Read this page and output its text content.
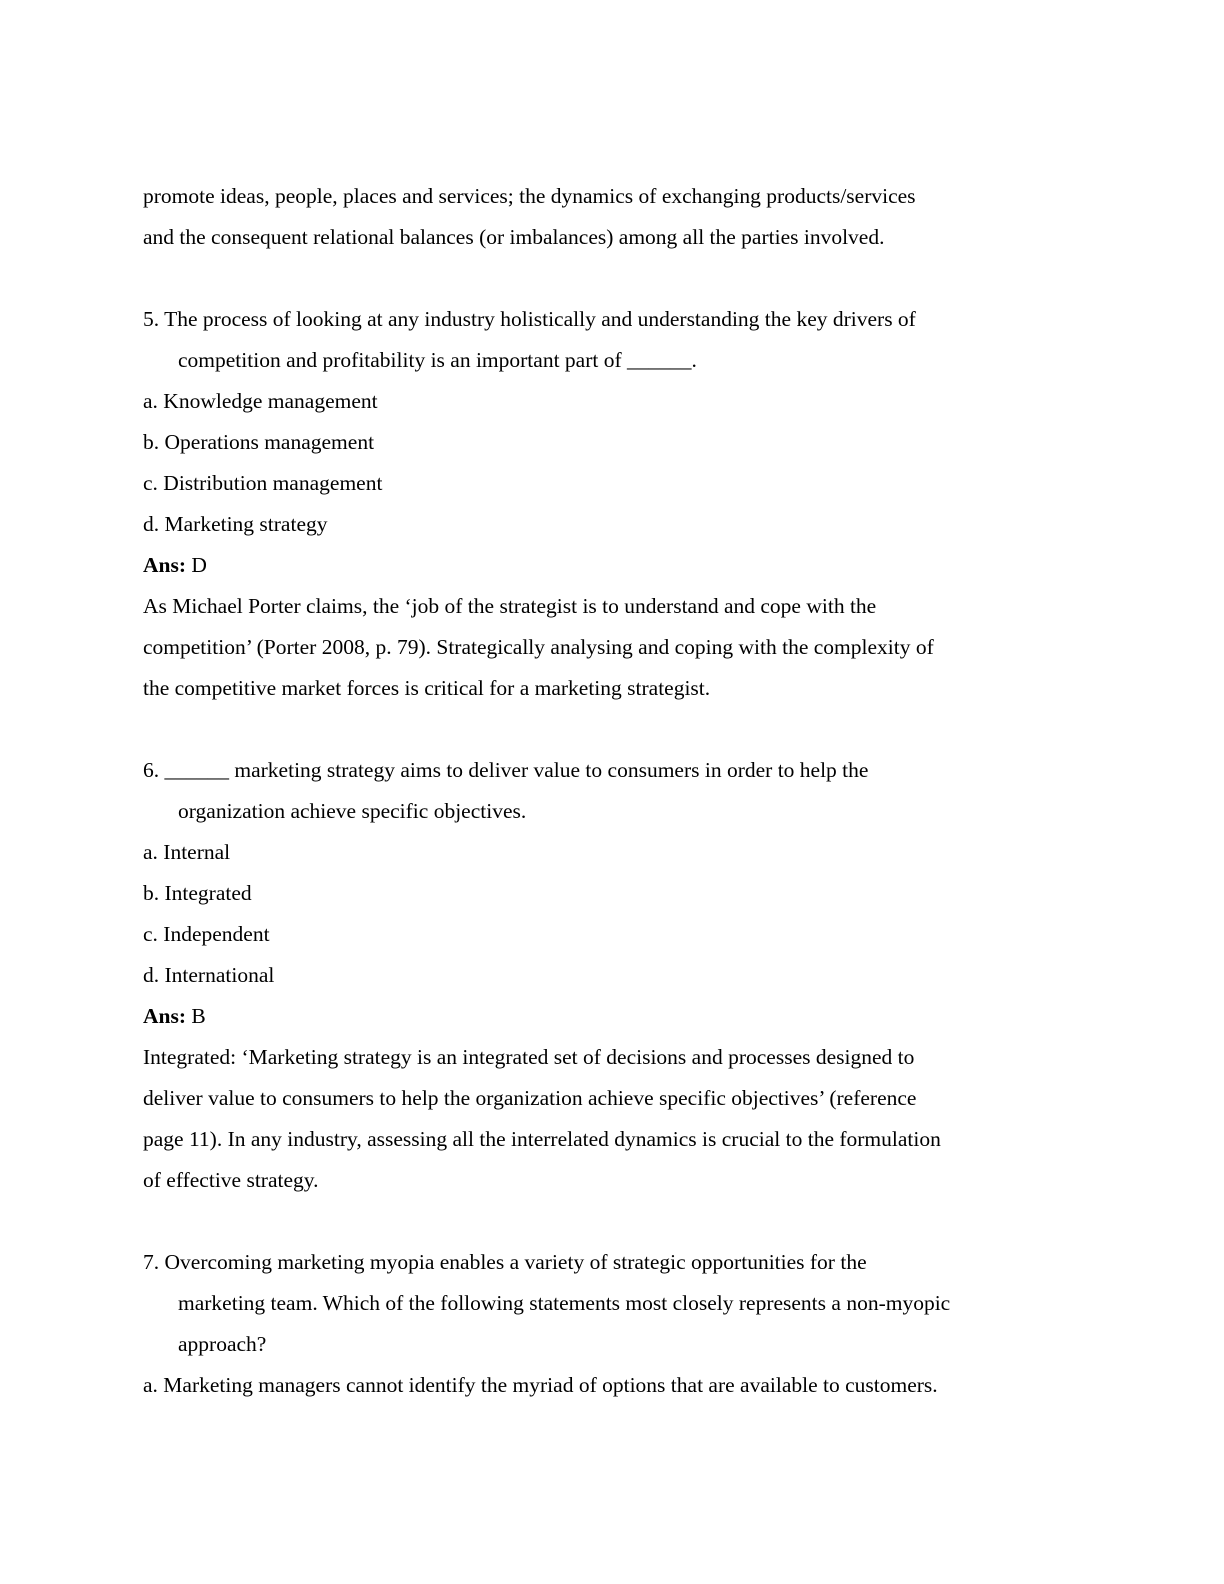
promote ideas, people, places and services; the dynamics of exchanging products/services

and the consequent relational balances (or imbalances) among all the parties involved.

5. The process of looking at any industry holistically and understanding the key drivers of

competition and profitability is an important part of ______.

a. Knowledge management

b. Operations management

c. Distribution management

d. Marketing strategy

Ans: D

As Michael Porter claims, the ‘job of the strategist is to understand and cope with the

competition’ (Porter 2008, p. 79). Strategically analysing and coping with the complexity of

the competitive market forces is critical for a marketing strategist.

6. ______ marketing strategy aims to deliver value to consumers in order to help the

organization achieve specific objectives.

a. Internal

b. Integrated

c. Independent

d. International

Ans: B

Integrated: ‘Marketing strategy is an integrated set of decisions and processes designed to

deliver value to consumers to help the organization achieve specific objectives’ (reference

page 11). In any industry, assessing all the interrelated dynamics is crucial to the formulation

of effective strategy.

7. Overcoming marketing myopia enables a variety of strategic opportunities for the

marketing team. Which of the following statements most closely represents a non-myopic

approach?

a. Marketing managers cannot identify the myriad of options that are available to customers.
